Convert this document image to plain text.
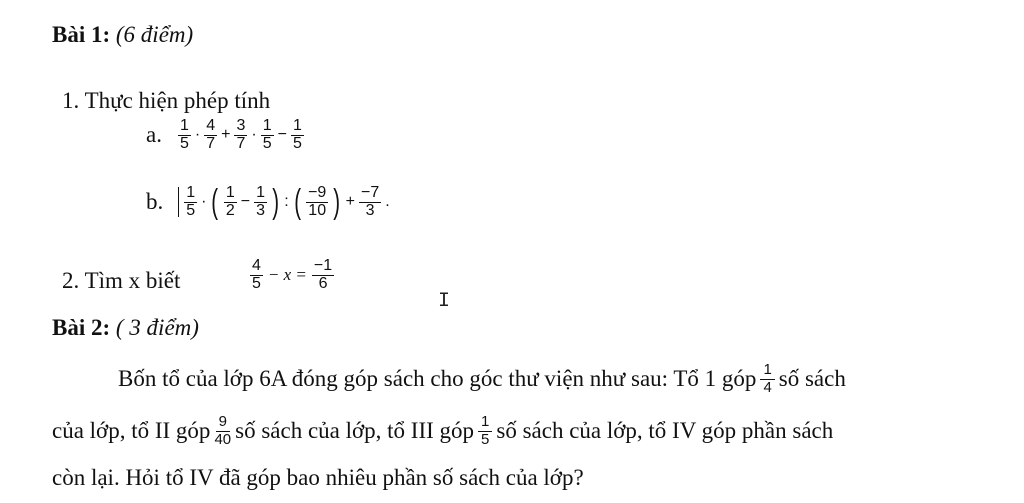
Bài 1: (6 điểm)
1. Thực hiện phép tính
a. $\frac{1}{5} \cdot \frac{4}{7} + \frac{3}{7} \cdot \frac{1}{5} - \frac{1}{5}$
b. $\frac{1}{5}$ · ( $\frac{1}{2} - \frac{1}{3}$ ) : ( $\frac{-9}{10}$ ) + $\frac{-7}{3}$ .
2. Tìm x biết	$\frac{4}{5} - x = \frac{-1}{6}$
I
Bài 2: ( 3 điểm)
Bốn tổ của lớp 6A đóng góp sách cho góc thư viện như sau: Tổ 1 góp $\frac{1}{4}$ số sách
của lớp, tổ II góp $\frac{9}{40}$ số sách của lớp, tổ III góp $\frac{1}{5}$ số sách của lớp, tổ IV góp phần sách
còn lại. Hỏi tổ IV đã góp bao nhiêu phần số sách của lớp?
